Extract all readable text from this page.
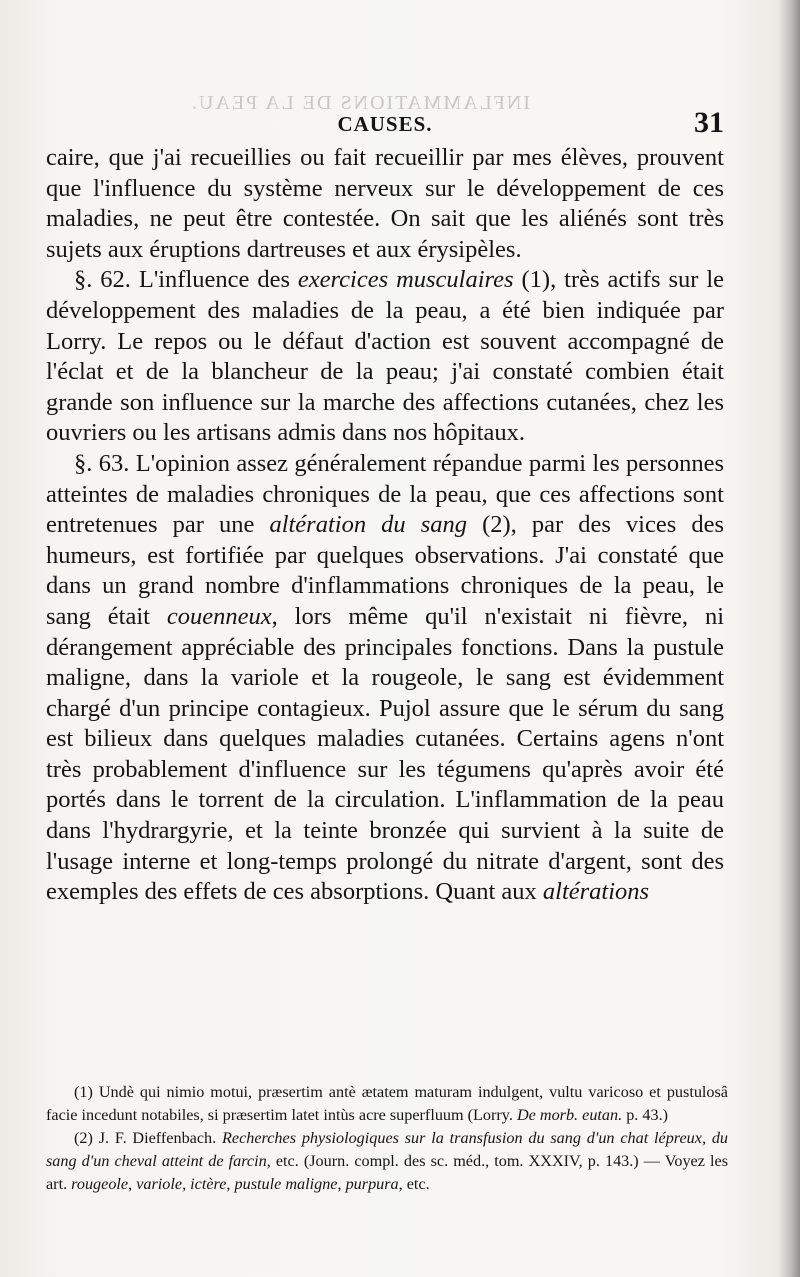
INFLAMMATIONS DE LA PEAU.
CAUSES.	31

caire, que j'ai recueillies ou fait recueillir par mes élèves, prouvent que l'influence du système nerveux sur le développement de ces maladies, ne peut être contestée. On sait que les aliénés sont très sujets aux éruptions dartreuses et aux érysipèles.

§. 62. L'influence des exercices musculaires (1), très actifs sur le développement des maladies de la peau, a été bien indiquée par Lorry. Le repos ou le défaut d'action est souvent accompagné de l'éclat et de la blancheur de la peau; j'ai constaté combien était grande son influence sur la marche des affections cutanées, chez les ouvriers ou les artisans admis dans nos hôpitaux.

§. 63. L'opinion assez généralement répandue parmi les personnes atteintes de maladies chroniques de la peau, que ces affections sont entretenues par une altération du sang (2), par des vices des humeurs, est fortifiée par quelques observations. J'ai constaté que dans un grand nombre d'inflammations chroniques de la peau, le sang était couenneux, lors même qu'il n'existait ni fièvre, ni dérangement appréciable des principales fonctions. Dans la pustule maligne, dans la variole et la rougeole, le sang est évidemment chargé d'un principe contagieux. Pujol assure que le sérum du sang est bilieux dans quelques maladies cutanées. Certains agens n'ont très probablement d'influence sur les tégumens qu'après avoir été portés dans le torrent de la circulation. L'inflammation de la peau dans l'hydrargyrie, et la teinte bronzée qui survient à la suite de l'usage interne et long-temps prolongé du nitrate d'argent, sont des exemples des effets de ces absorptions. Quant aux altérations

(1) Undè qui nimio motui, præsertim antè ætatem maturam indulgent, vultu varicoso et pustulosâ facie incedunt notabiles, si præsertim latet intùs acre superfluum (Lorry. De morb. eutan. p. 43.)

(2) J. F. Dieffenbach. Recherches physiologiques sur la transfusion du sang d'un chat lépreux, du sang d'un cheval atteint de farcin, etc. (Journ. compl. des sc. méd., tom. XXXIV, p. 143.) — Voyez les art. rougeole, variole, ictère, pustule maligne, purpura, etc.
